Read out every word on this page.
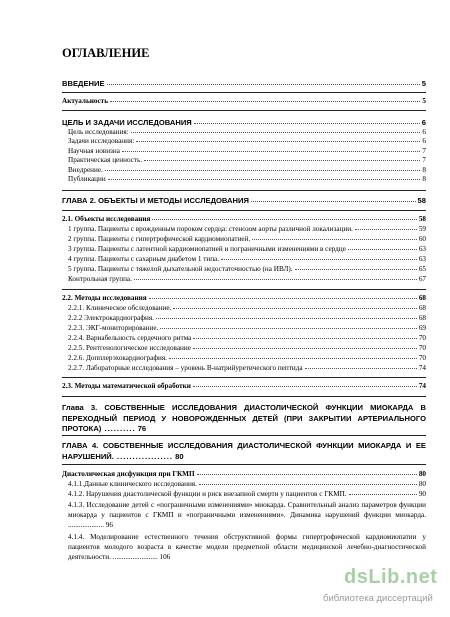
ОГЛАВЛЕНИЕ
ВВЕДЕНИЕ	5
Актуальность	5
ЦЕЛЬ И ЗАДАЧИ ИССЛЕДОВАНИЯ	6
Цель исследования:	6
Задачи исследования:	6
Научная новизна	7
Практическая ценность.	7
Внедрение.	8
Публикации	8
ГЛАВА 2. ОБЪЕКТЫ И МЕТОДЫ ИССЛЕДОВАНИЯ	58
2.1. Объекты исследования	58
1 группа. Пациенты с врожденным пороком сердца: стенозом аорты различной локализации.	59
2 группа. Пациенты с гипертрофической кардиомиопатией.	60
3 группа. Пациенты с латентной кардиомиопатией и пограничными изменениями в сердце	63
4 группа. Пациенты с сахарным диабетом 1 типа.	63
5 группа. Пациенты с тяжелой дыхательной недостаточностью (на ИВЛ).	65
Контрольная группа.	67
2.2. Методы исследования	68
2.2.1. Клиническое обследование.	68
2.2.2 Электрокардиография.	68
2.2.3. ЭКГ-мониторирование.	69
2.2.4. Вариабельность сердечного ритма	70
2.2.5. Рентгенологическое исследование	70
2.2.6. Допплерэхокардиография.	70
2.2.7. Лабораторные исследования – уровень В-натрийуретического пептида	74
2.3. Методы математической обработки	74
Глава 3. СОБСТВЕННЫЕ ИССЛЕДОВАНИЯ ДИАСТОЛИЧЕСКОЙ ФУНКЦИИ МИОКАРДА В ПЕРЕХОДНЫЙ ПЕРИОД У НОВОРОЖДЕННЫХ ДЕТЕЙ (ПРИ ЗАКРЫТИИ АРТЕРИАЛЬНОГО ПРОТОКА) .......... 76
ГЛАВА 4. СОБСТВЕННЫЕ ИССЛЕДОВАНИЯ ДИАСТОЛИЧЕСКОЙ ФУНКЦИИ МИОКАРДА И ЕЕ НАРУШЕНИЙ. .................. 80
Диастолическая дисфункция при ГКМП	80
4.1.1.Данные клинического исследования.	80
4.1.2. Нарушения диастолической функции и риск внезапной смерти у пациентов с ГКМП.	90
4.1.3. Исследование детей с «пограничными изменениями» миокарда. Сравнительный анализ параметров функции миокарда у пациентов с ГКМП и «пограничными изменениями». Динамика нарушений функции миокарда. .................... 96
4.1.4. Моделирование естественного течения обструктивной формы гипертрофической кардиомиопатии у пациентов молодого возраста в качестве модели предметной области медицинской лечебно-диагностической деятельности. ......................... 106
dsLib.net
библиотека диссертаций
